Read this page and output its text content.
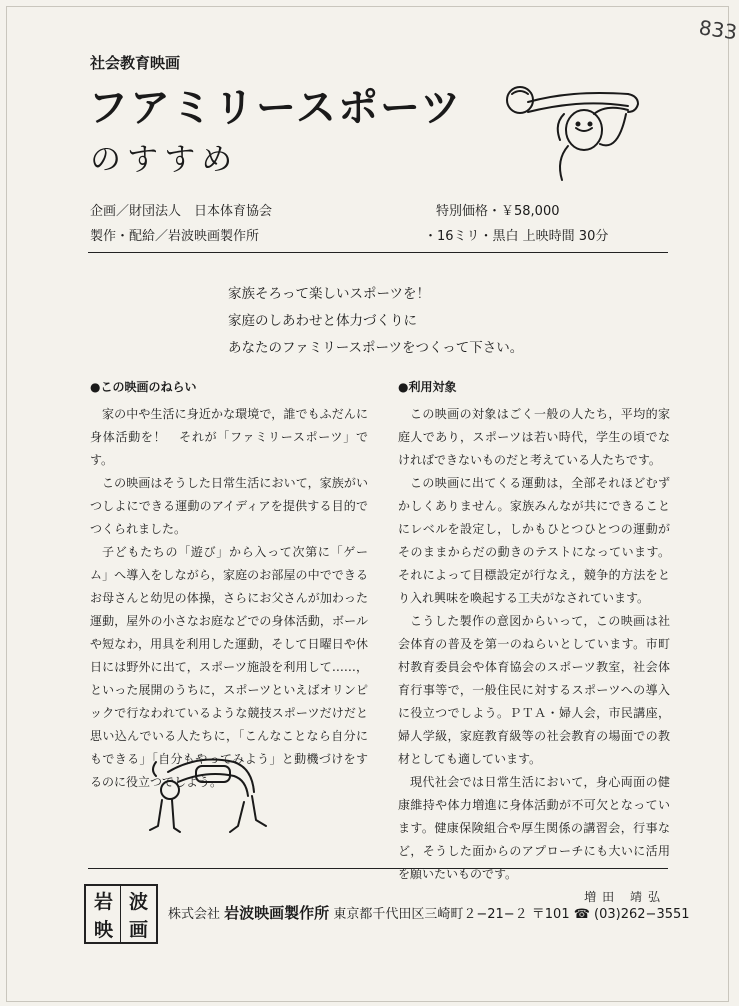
833
社会教育映画
フアミリースポーツ
のすすめ
企画／財団法人　日本体育協会
製作・配給／岩波映画製作所
特別価格・￥58,000
・16ミリ・黒白 上映時間 30分
家族そろって楽しいスポーツを！
家庭のしあわせと体力づくりに
あなたのファミリースポーツをつくって下さい。
●この映画のねらい

家の中や生活に身近かな環境で，誰でもふだんに身体活動を！　それが「ファミリースポーツ」です。

この映画はそうした日常生活において，家族がいつしよにできる運動のアイディアを提供する目的でつくられました。

子どもたちの「遊び」から入って次第に「ゲーム」へ導入をしながら，家庭のお部屋の中でできるお母さんと幼児の体操，さらにお父さんが加わった運動，屋外の小さなお庭などでの身体活動，ボールや短なわ，用具を利用した運動，そして日曜日や休日には野外に出て，スポーツ施設を利用して……，といった展開のうちに，スポーツといえばオリンピックで行なわれているような競技スポーツだけだと思い込んでいる人たちに，「こんなことなら自分にもできる」「自分もやってみよう」と動機づけをするのに役立つでしよう。

●利用対象

この映画の対象はごく一般の人たち，平均的家庭人であり，スポーツは若い時代，学生の頃でなければできないものだと考えている人たちです。

この映画に出てくる運動は，全部それほどむずかしくありません。家族みんなが共にできることにレベルを設定し，しかもひとつひとつの運動がそのままからだの動きのテストになっています。それによって目標設定が行なえ，競争的方法をとり入れ興味を喚起する工夫がなされています。

こうした製作の意図からいって，この映画は社会体育の普及を第一のねらいとしています。市町村教育委員会や体育協会のスポーツ教室，社会体育行事等で，一般住民に対するスポーツへの導入に役立つでしよう。ＰＴＡ・婦人会，市民講座，婦人学級，家庭教育級等の社会教育の場面での教材としても適しています。

現代社会では日常生活において，身心両面の健康維持や体力増進に身体活動が不可欠となっています。健康保険組合や厚生関係の講習会，行事など，そうした面からのアプローチにも大いに活用を願いたいものです。

増田 靖弘
岩 波
映 画
株式会社 岩波映画製作所 東京都千代田区三崎町２−21−２ 〒101 ☎ (03)262−3551
